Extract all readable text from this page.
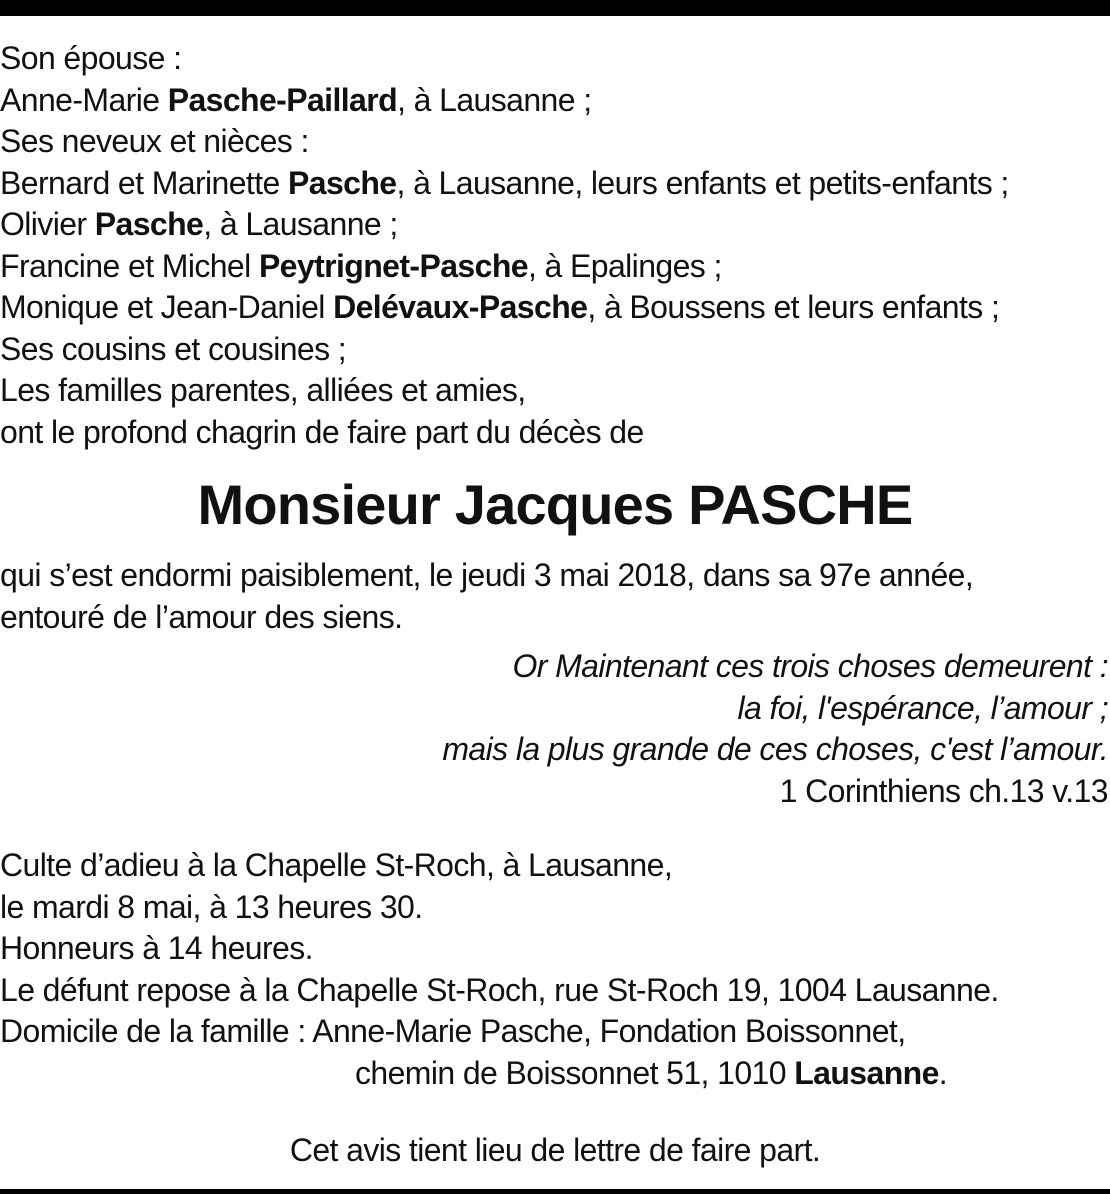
Son épouse :
Anne-Marie Pasche-Paillard, à Lausanne ;
Ses neveux et nièces :
Bernard et Marinette Pasche, à Lausanne, leurs enfants et petits-enfants ;
Olivier Pasche, à Lausanne ;
Francine et Michel Peytrignet-Pasche, à Epalinges ;
Monique et Jean-Daniel Delévaux-Pasche, à Boussens et leurs enfants ;
Ses cousins et cousines ;
Les familles parentes, alliées et amies,
ont le profond chagrin de faire part du décès de
Monsieur Jacques PASCHE
qui s’est endormi paisiblement, le jeudi 3 mai 2018, dans sa 97e année,
entouré de l’amour des siens.
Or Maintenant ces trois choses demeurent :
la foi, l'espérance, l’amour ;
mais la plus grande de ces choses, c'est l’amour.
1 Corinthiens ch.13 v.13
Culte d’adieu à la Chapelle St-Roch, à Lausanne,
le mardi 8 mai, à 13 heures 30.
Honneurs à 14 heures.
Le défunt repose à la Chapelle St-Roch, rue St-Roch 19, 1004 Lausanne.
Domicile de la famille : Anne-Marie Pasche, Fondation Boissonnet,
chemin de Boissonnet 51, 1010 Lausanne.
Cet avis tient lieu de lettre de faire part.
